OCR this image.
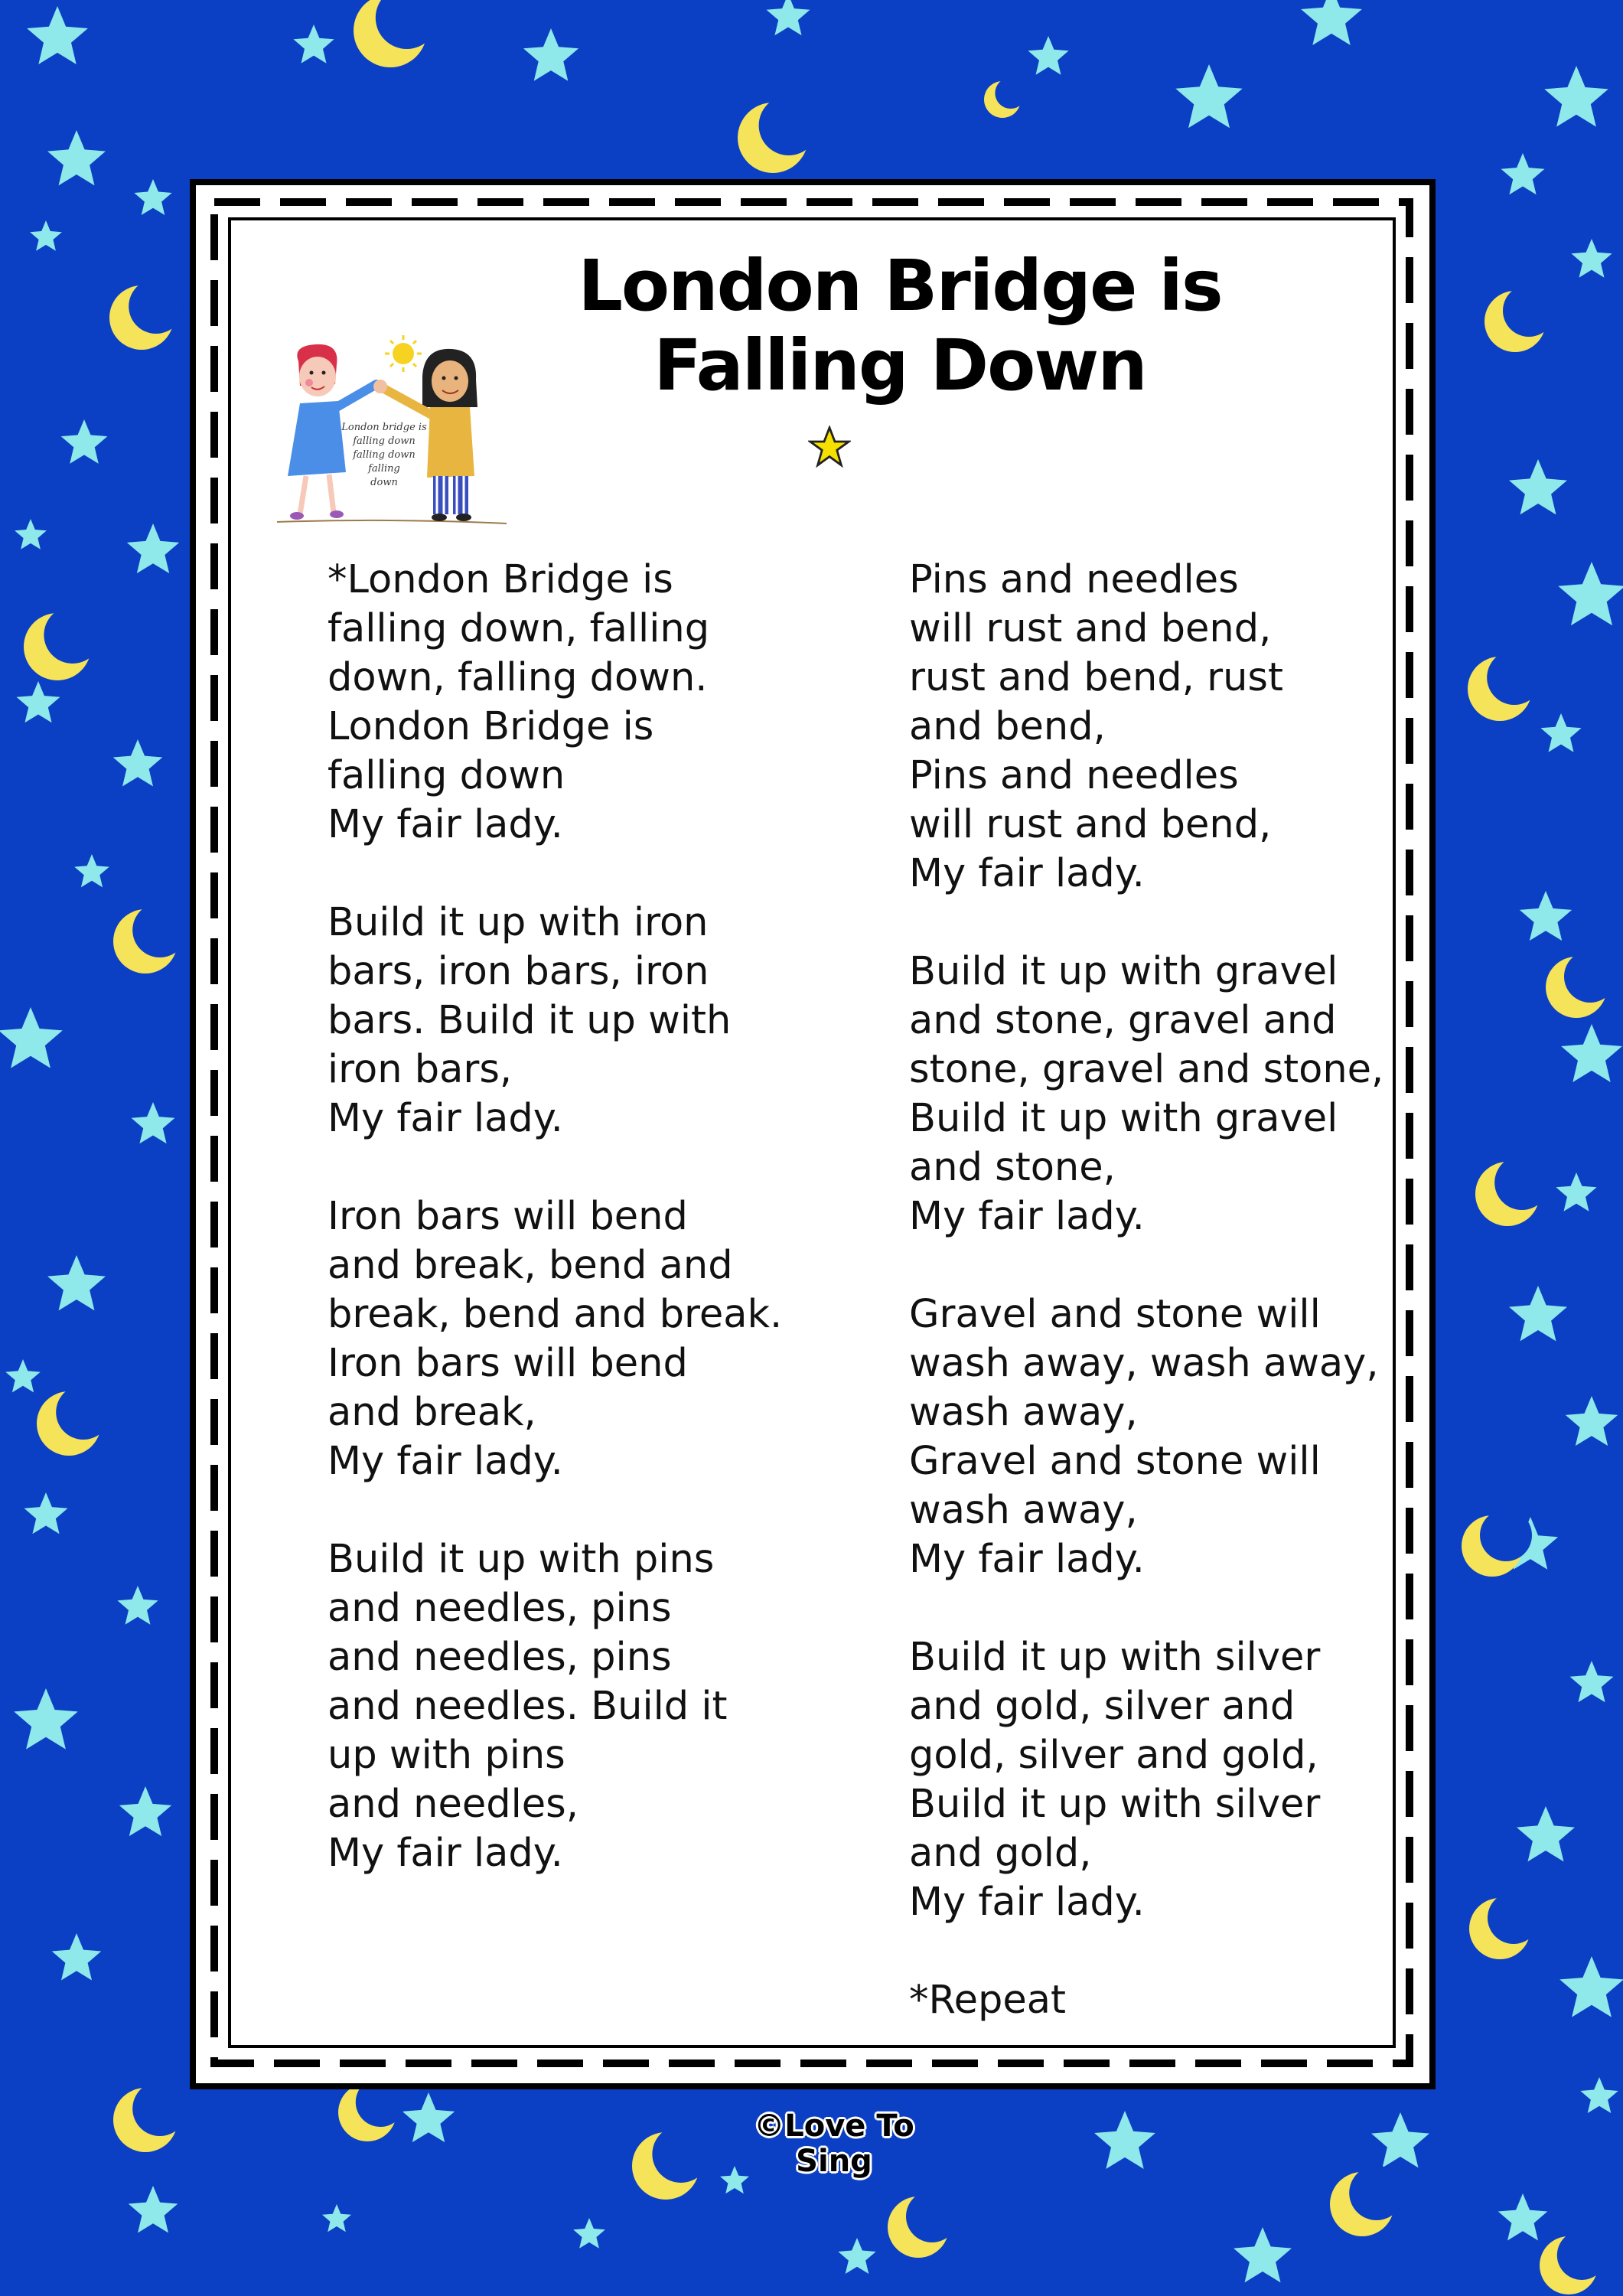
London Bridge is Falling Down
London bridge is
falling down
falling down
falling
down

*London Bridge is
falling down, falling
down, falling down.
London Bridge is
falling down
My fair lady.

Build it up with iron
bars, iron bars, iron
bars. Build it up with
iron bars,
My fair lady.

Iron bars will bend
and break, bend and
break, bend and break.
Iron bars will bend
and break,
My fair lady.

Build it up with pins
and needles, pins
and needles, pins
and needles. Build it
up with pins
and needles,
My fair lady.

Pins and needles
will rust and bend,
rust and bend, rust
and bend,
Pins and needles
will rust and bend,
My fair lady.

Build it up with gravel
and stone, gravel and
stone, gravel and stone,
Build it up with gravel
and stone,
My fair lady.

Gravel and stone will
wash away, wash away,
wash away,
Gravel and stone will
wash away,
My fair lady.

Build it up with silver
and gold, silver and
gold, silver and gold,
Build it up with silver
and gold,
My fair lady.

*Repeat

©Love To Sing
